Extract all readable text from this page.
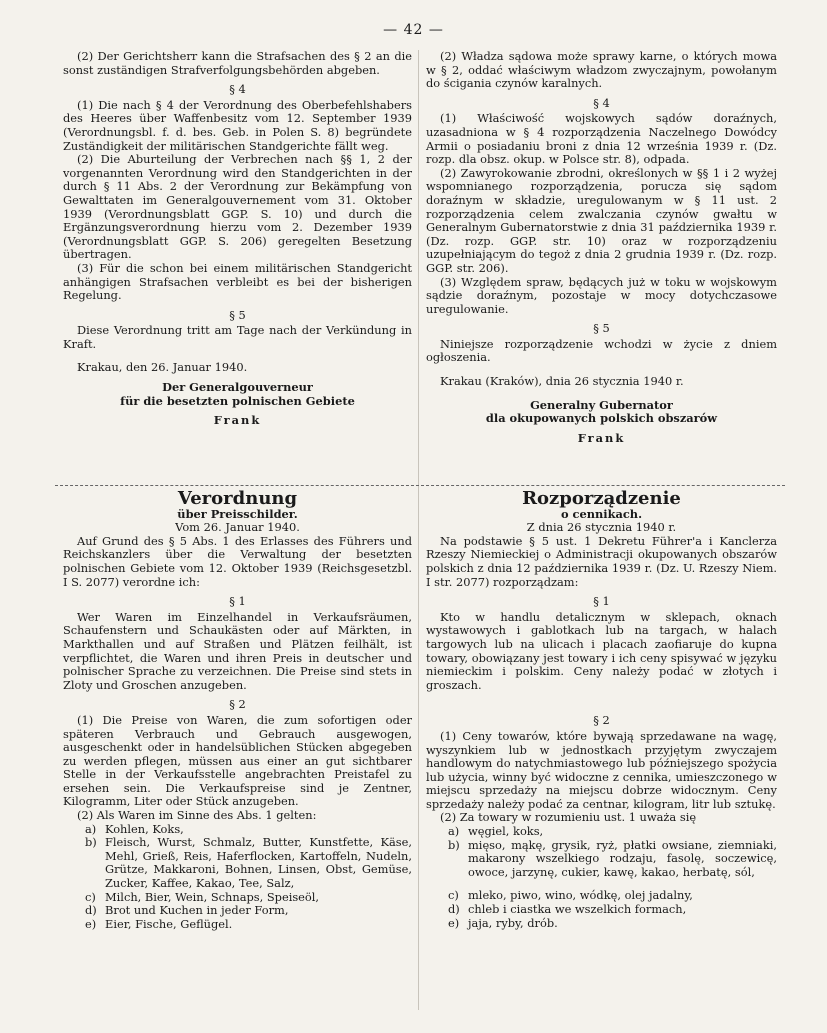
— 42 —

(2) Der Gerichtsherr kann die Strafsachen des § 2 an die sonst zuständigen Strafverfolgungsbehörden abgeben.

§ 4

(1) Die nach § 4 der Verordnung des Oberbefehlshabers des Heeres über Waffenbesitz vom 12. September 1939 (Verordnungsbl. f. d. bes. Geb. in Polen S. 8) begründete Zuständigkeit der militärischen Standgerichte fällt weg.

(2) Die Aburteilung der Verbrechen nach §§ 1, 2 der vorgenannten Verordnung wird den Standgerichten in der durch § 11 Abs. 2 der Verordnung zur Bekämpfung von Gewalttaten im Generalgouvernement vom 31. Oktober 1939 (Verordnungsblatt GGP. S. 10) und durch die Ergänzungsverordnung hierzu vom 2. Dezember 1939 (Verordnungsblatt GGP. S. 206) geregelten Besetzung übertragen.

(3) Für die schon bei einem militärischen Standgericht anhängigen Strafsachen verbleibt es bei der bisherigen Regelung.

§ 5

Diese Verordnung tritt am Tage nach der Verkündung in Kraft.

Krakau, den 26. Januar 1940.

Der Generalgouverneur

für die besetzten polnischen Gebiete

Frank

(2) Władza sądowa może sprawy karne, o których mowa w § 2, oddać właściwym władzom zwyczajnym, powołanym do ścigania czynów karalnych.

§ 4

(1) Właściwość wojskowych sądów doraźnych, uzasadniona w § 4 rozporządzenia Naczelnego Dowódcy Armii o posiadaniu broni z dnia 12 września 1939 r. (Dz. rozp. dla obsz. okup. w Polsce str. 8), odpada.

(2) Zawyrokowanie zbrodni, określonych w §§ 1 i 2 wyżej wspomnianego rozporządzenia, poruczа się sądom doraźnym w składzie, uregulowanym w § 11 ust. 2 rozporządzenia celem zwalczania czynów gwałtu w Generalnym Gubernatorstwie z dnia 31 października 1939 r. (Dz. rozp. GGP. str. 10) oraz w rozporządzeniu uzupełniającym do tegoż z dnia 2 grudnia 1939 r. (Dz. rozp. GGP. str. 206).

(3) Względem spraw, będących już w toku w wojskowym sądzie doraźnym, pozostaje w mocy dotychczasowe uregulowanie.

§ 5

Niniejsze rozporządzenie wchodzi w życie z dniem ogłoszenia.

Krakau (Kraków), dnia 26 stycznia 1940 r.

Generalny Gubernator

dla okupowanych polskich obszarów

Frank

Verordnung

über Preisschilder.

Vom 26. Januar 1940.

Auf Grund des § 5 Abs. 1 des Erlasses des Führers und Reichskanzlers über die Verwaltung der besetzten polnischen Gebiete vom 12. Oktober 1939 (Reichsgesetzbl. I S. 2077) verordne ich:

§ 1

Wer Waren im Einzelhandel in Verkaufsräumen, Schaufenstern und Schaukästen oder auf Märkten, in Markthallen und auf Straßen und Plätzen feilhält, ist verpflichtet, die Waren und ihren Preis in deutscher und polnischer Sprache zu verzeichnen. Die Preise sind stets in Zloty und Groschen anzugeben.

§ 2

(1) Die Preise von Waren, die zum sofortigen oder späteren Verbrauch und Gebrauch ausgewogen, ausgeschenkt oder in handelsüblichen Stücken abgegeben zu werden pflegen, müssen aus einer an gut sichtbarer Stelle in der Verkaufsstelle angebrachten Preistafel zu ersehen sein. Die Verkaufspreise sind je Zentner, Kilogramm, Liter oder Stück anzugeben.

(2) Als Waren im Sinne des Abs. 1 gelten:

a) Kohlen, Koks,
b) Fleisch, Wurst, Schmalz, Butter, Kunstfette, Käse, Mehl, Grieß, Reis, Haferflocken, Kartoffeln, Nudeln, Grütze, Makkaroni, Bohnen, Linsen, Obst, Gemüse, Zucker, Kaffee, Kakao, Tee, Salz,
c) Milch, Bier, Wein, Schnaps, Speiseöl,
d) Brot und Kuchen in jeder Form,
e) Eier, Fische, Geflügel.

Rozporządzenie

o cennikach.

Z dnia 26 stycznia 1940 r.

Na podstawie § 5 ust. 1 Dekretu Führer'a i Kanclerza Rzeszy Niemieckiej o Administracji okupowanych obszarów polskich z dnia 12 października 1939 r. (Dz. U. Rzeszy Niem. I str. 2077) rozporządzam:

§ 1

Kto w handlu detalicznym w sklepach, oknach wystawowych i gablotkach lub na targach, w halach targowych lub na ulicach i placach zaofiaruje do kupna towary, obowiązany jest towary i ich ceny spisywać w języku niemieckim i polskim. Ceny należy podać w złotych i groszach.

§ 2

(1) Ceny towarów, które bywają sprzedawane na wagę, wyszynkiem lub w jednostkach przyjętym zwyczajem handlowym do natychmiastowego lub późniejszego spożycia lub użycia, winny być widoczne z cennika, umieszczonego w miejscu sprzedaży na miejscu dobrze widocznym. Ceny sprzedaży należy podać za centnar, kilogram, litr lub sztukę.

(2) Za towary w rozumieniu ust. 1 uważa się

a) węgiel, koks,
b) mięso, mąkę, grysik, ryż, płatki owsiane, ziemniaki, makarony wszelkiego rodzaju, fasolę, soczewicę, owoce, jarzynę, cukier, kawę, kakao, herbatę, sól,
c) mleko, piwo, wino, wódkę, olej jadalny,
d) chleb i ciastka we wszelkich formach,
e) jaja, ryby, drób.
